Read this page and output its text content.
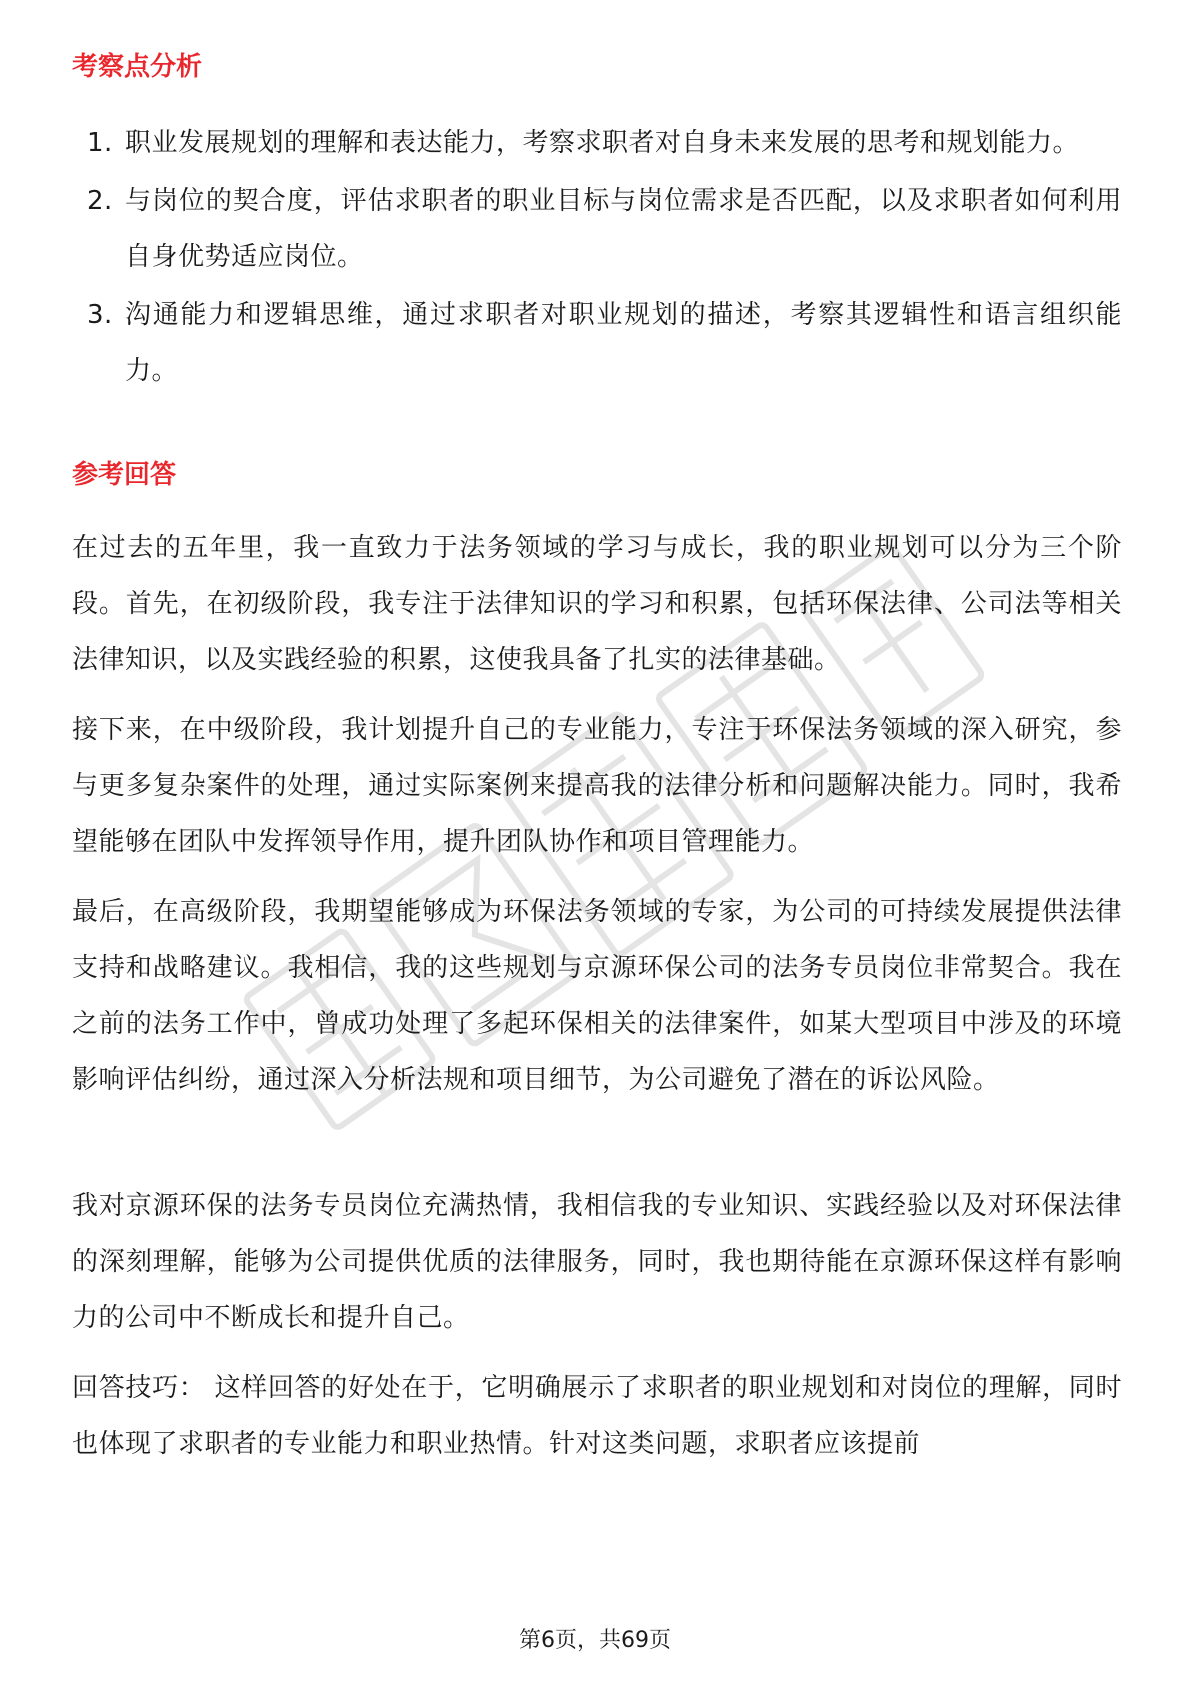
考察点分析
1. 职业发展规划的理解和表达能力，考察求职者对自身未来发展的思考和规划能力。
2. 与岗位的契合度，评估求职者的职业目标与岗位需求是否匹配，以及求职者如何利用自身优势适应岗位。
3. 沟通能力和逻辑思维，通过求职者对职业规划的描述，考察其逻辑性和语言组织能力。
参考回答

在过去的五年里，我一直致力于法务领域的学习与成长，我的职业规划可以分为三个阶段。首先，在初级阶段，我专注于法律知识的学习和积累，包括环保法律、公司法等相关法律知识，以及实践经验的积累，这使我具备了扎实的法律基础。

接下来，在中级阶段，我计划提升自己的专业能力，专注于环保法务领域的深入研究，参与更多复杂案件的处理，通过实际案例来提高我的法律分析和问题解决能力。同时，我希望能够在团队中发挥领导作用，提升团队协作和项目管理能力。

最后，在高级阶段，我期望能够成为环保法务领域的专家，为公司的可持续发展提供法律支持和战略建议。我相信，我的这些规划与京源环保公司的法务专员岗位非常契合。我在之前的法务工作中，曾成功处理了多起环保相关的法律案件，如某大型项目中涉及的环境影响评估纠纷，通过深入分析法规和项目细节，为公司避免了潜在的诉讼风险。

我对京源环保的法务专员岗位充满热情，我相信我的专业知识、实践经验以及对环保法律的深刻理解，能够为公司提供优质的法律服务，同时，我也期待能在京源环保这样有影响力的公司中不断成长和提升自己。

回答技巧： 这样回答的好处在于，它明确展示了求职者的职业规划和对岗位的理解，同时也体现了求职者的专业能力和职业热情。针对这类问题，求职者应该提前

第6页，共69页
